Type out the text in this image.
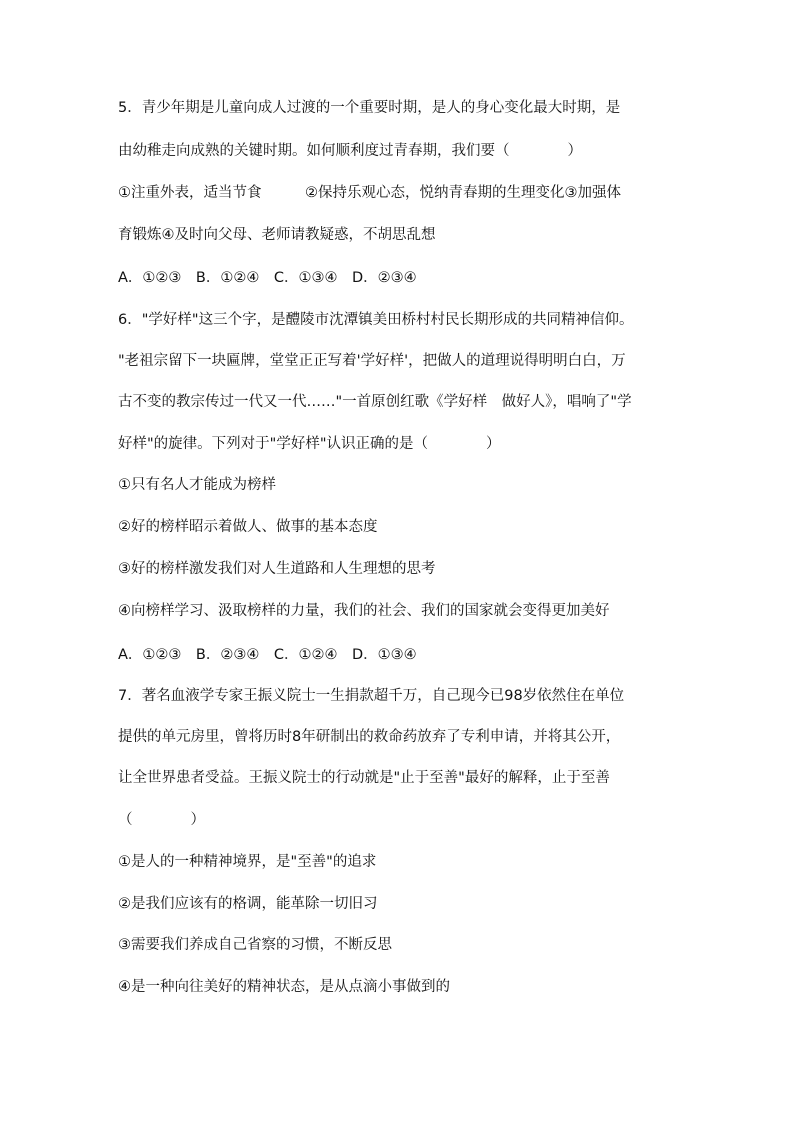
5．青少年期是儿童向成人过渡的一个重要时期，是人的身心变化最大时期，是
由幼稚走向成熟的关键时期。如何顺利度过青春期，我们要（　　　　）
①注重外表，适当节食　　　②保持乐观心态，悦纳青春期的生理变化③加强体
育锻炼④及时向父母、老师请教疑惑，不胡思乱想
A．①②③　B．①②④　C．①③④　D．②③④
6．"学好样"这三个字，是醴陵市沈潭镇美田桥村村民长期形成的共同精神信仰。
"老祖宗留下一块匾牌，堂堂正正写着'学好样'，把做人的道理说得明明白白，万
古不变的教宗传过一代又一代……"一首原创红歌《学好样　做好人》，唱响了"学
好样"的旋律。下列对于"学好样"认识正确的是（　　　　）
①只有名人才能成为榜样
②好的榜样昭示着做人、做事的基本态度
③好的榜样激发我们对人生道路和人生理想的思考
④向榜样学习、汲取榜样的力量，我们的社会、我们的国家就会变得更加美好
A．①②③　B．②③④　C．①②④　D．①③④
7．著名血液学专家王振义院士一生捐款超千万，自己现今已98岁依然住在单位
提供的单元房里，曾将历时8年研制出的救命药放弃了专利申请，并将其公开，
让全世界患者受益。王振义院士的行动就是"止于至善"最好的解释，止于至善
（　　　　）
①是人的一种精神境界，是"至善"的追求
②是我们应该有的格调，能革除一切旧习
③需要我们养成自己省察的习惯，不断反思
④是一种向往美好的精神状态，是从点滴小事做到的
